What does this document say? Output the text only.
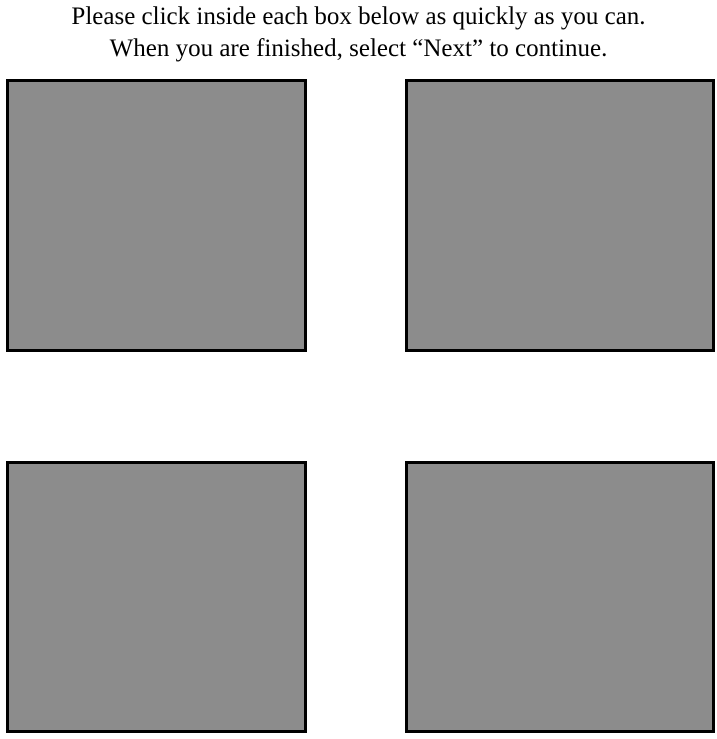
Please click inside each box below as quickly as you can.
When you are finished, select “Next” to continue.
